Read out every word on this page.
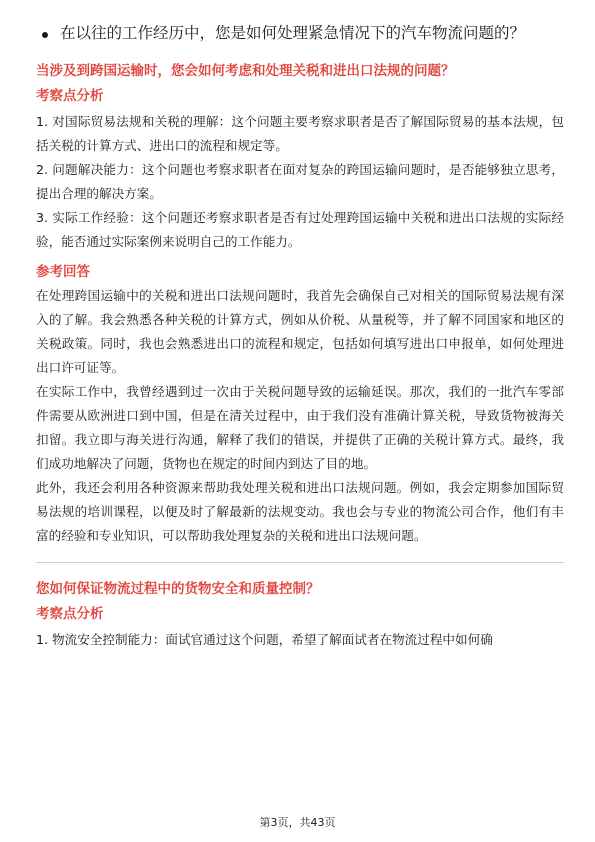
在以往的工作经历中，您是如何处理紧急情况下的汽车物流问题的？
当涉及到跨国运输时，您会如何考虑和处理关税和进出口法规的问题？
考察点分析
1. 对国际贸易法规和关税的理解：这个问题主要考察求职者是否了解国际贸易的基本法规，包括关税的计算方式、进出口的流程和规定等。
2. 问题解决能力：这个问题也考察求职者在面对复杂的跨国运输问题时，是否能够独立思考，提出合理的解决方案。
3. 实际工作经验：这个问题还考察求职者是否有过处理跨国运输中关税和进出口法规的实际经验，能否通过实际案例来说明自己的工作能力。
参考回答
在处理跨国运输中的关税和进出口法规问题时，我首先会确保自己对相关的国际贸易法规有深入的了解。我会熟悉各种关税的计算方式，例如从价税、从量税等，并了解不同国家和地区的关税政策。同时，我也会熟悉进出口的流程和规定，包括如何填写进出口申报单，如何处理进出口许可证等。
在实际工作中，我曾经遇到过一次由于关税问题导致的运输延误。那次，我们的一批汽车零部件需要从欧洲进口到中国，但是在清关过程中，由于我们没有准确计算关税，导致货物被海关扣留。我立即与海关进行沟通，解释了我们的错误，并提供了正确的关税计算方式。最终，我们成功地解决了问题，货物也在规定的时间内到达了目的地。
此外，我还会利用各种资源来帮助我处理关税和进出口法规问题。例如，我会定期参加国际贸易法规的培训课程，以便及时了解最新的法规变动。我也会与专业的物流公司合作，他们有丰富的经验和专业知识，可以帮助我处理复杂的关税和进出口法规问题。
您如何保证物流过程中的货物安全和质量控制？
考察点分析
1. 物流安全控制能力：面试官通过这个问题，希望了解面试者在物流过程中如何确
第3页，共43页
